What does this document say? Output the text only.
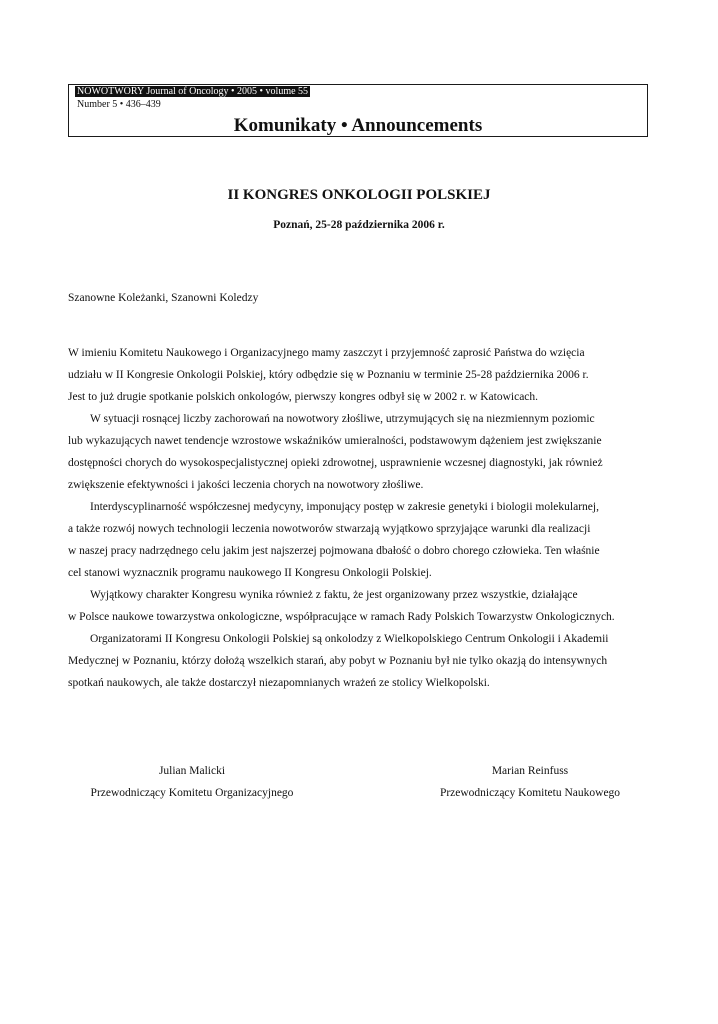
NOWOTWORY Journal of Oncology • 2005 • volume 55
Number 5 • 436–439
Komunikaty • Announcements
II KONGRES ONKOLOGII POLSKIEJ
Poznań, 25-28 października 2006 r.
Szanowne Koleżanki, Szanowni Koledzy
W imieniu Komitetu Naukowego i Organizacyjnego mamy zaszczyt i przyjemność zaprosić Państwa do wzięcia
udziału w II Kongresie Onkologii Polskiej, który odbędzie się w Poznaniu w terminie 25-28 października 2006 r.
Jest to już drugie spotkanie polskich onkologów, pierwszy kongres odbył się w 2002 r. w Katowicach.
W sytuacji rosnącej liczby zachorowań na nowotwory złośliwe, utrzymujących się na niezmiennym poziomic
lub wykazujących nawet tendencje wzrostowe wskaźników umieralności, podstawowym dążeniem jest zwiększanie
dostępności chorych do wysokospecjalistycznej opieki zdrowotnej, usprawnienie wczesnej diagnostyki, jak również
zwiększenie efektywności i jakości leczenia chorych na nowotwory złośliwe.
Interdyscyplinarność współczesnej medycyny, imponujący postęp w zakresie genetyki i biologii molekularnej,
a także rozwój nowych technologii leczenia nowotworów stwarzają wyjątkowo sprzyjające warunki dla realizacji
w naszej pracy nadrzędnego celu jakim jest najszerzej pojmowana dbałość o dobro chorego człowieka. Ten właśnie
cel stanowi wyznacznik programu naukowego II Kongresu Onkologii Polskiej.
Wyjątkowy charakter Kongresu wynika również z faktu, że jest organizowany przez wszystkie, działające
w Polsce naukowe towarzystwa onkologiczne, współpracujące w ramach Rady Polskich Towarzystw Onkologicznych.
Organizatorami II Kongresu Onkologii Polskiej są onkolodzy z Wielkopolskiego Centrum Onkologii i Akademii
Medycznej w Poznaniu, którzy dołożą wszelkich starań, aby pobyt w Poznaniu był nie tylko okazją do intensywnych
spotkań naukowych, ale także dostarczył niezapomnianych wrażeń ze stolicy Wielkopolski.
Julian Malicki
Przewodniczący Komitetu Organizacyjnego
Marian Reinfuss
Przewodniczący Komitetu Naukowego
